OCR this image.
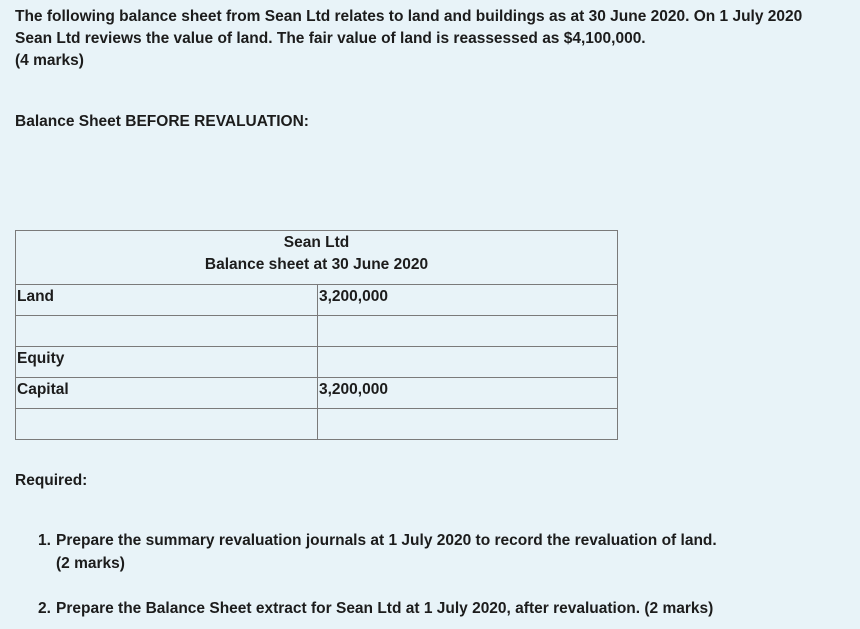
The following balance sheet from Sean Ltd relates to land and buildings as at 30 June 2020. On 1 July 2020

Sean Ltd reviews the value of land. The fair value of land is reassessed as $4,100,000.

(4 marks)

Balance Sheet BEFORE REVALUATION:
Sean Ltd
Balance sheet at 30 June 2020	

Land	3,200,000

Equity	
Capital	3,200,000

Required:
1. Prepare the summary revaluation journals at 1 July 2020 to record the revaluation of land.
(2 marks)
2. Prepare the Balance Sheet extract for Sean Ltd at 1 July 2020, after revaluation. (2 marks)
